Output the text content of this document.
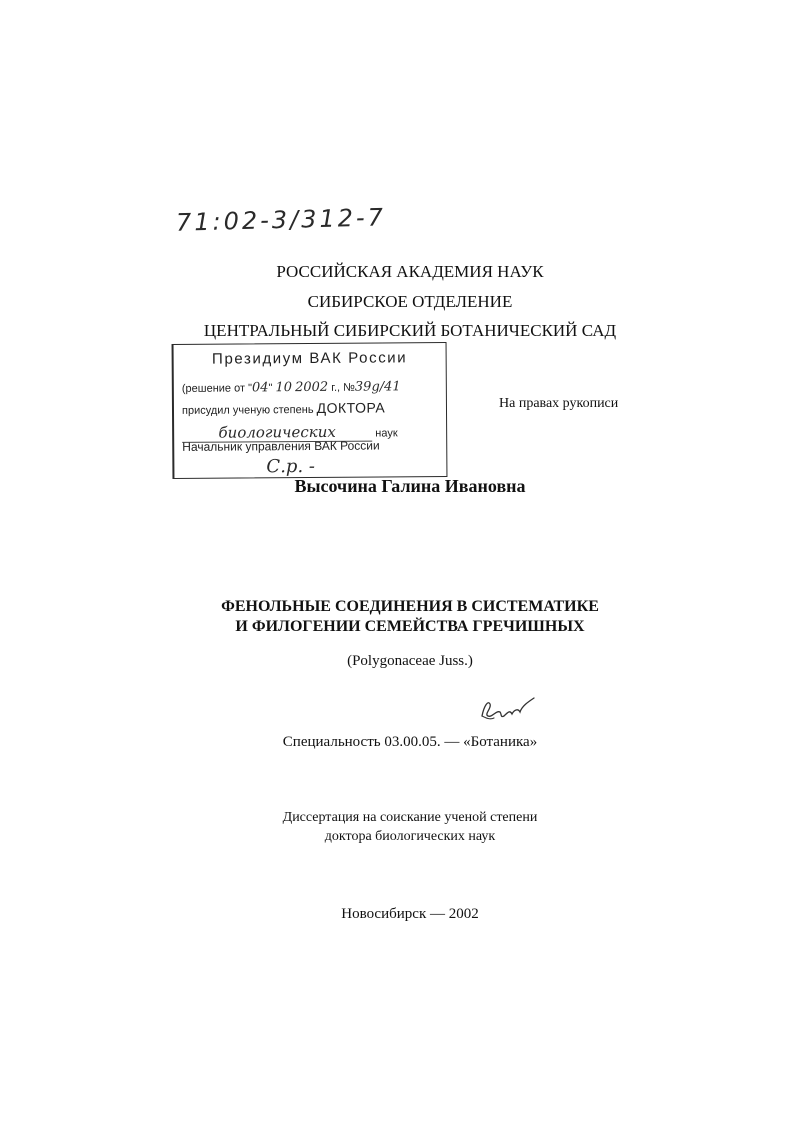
71:02-3/312-7
РОССИЙСКАЯ АКАДЕМИЯ НАУК
СИБИРСКОЕ ОТДЕЛЕНИЕ
ЦЕНТРАЛЬНЫЙ СИБИРСКИЙ БОТАНИЧЕСКИЙ САД
Президиум ВАК России
(решение от "04" 10 2002 г., №39g/41
присудил ученую степень ДОКТОРА
биологических	наук
Начальник управления ВАК России
С.р. -
На правах рукописи
Высочина Галина Ивановна
ФЕНОЛЬНЫЕ СОЕДИНЕНИЯ В СИСТЕМАТИКЕ
И ФИЛОГЕНИИ СЕМЕЙСТВА ГРЕЧИШНЫХ
(Polygonaceae Juss.)
Специальность 03.00.05. — «Ботаника»
Диссертация на соискание ученой степени
доктора биологических наук
Новосибирск — 2002
